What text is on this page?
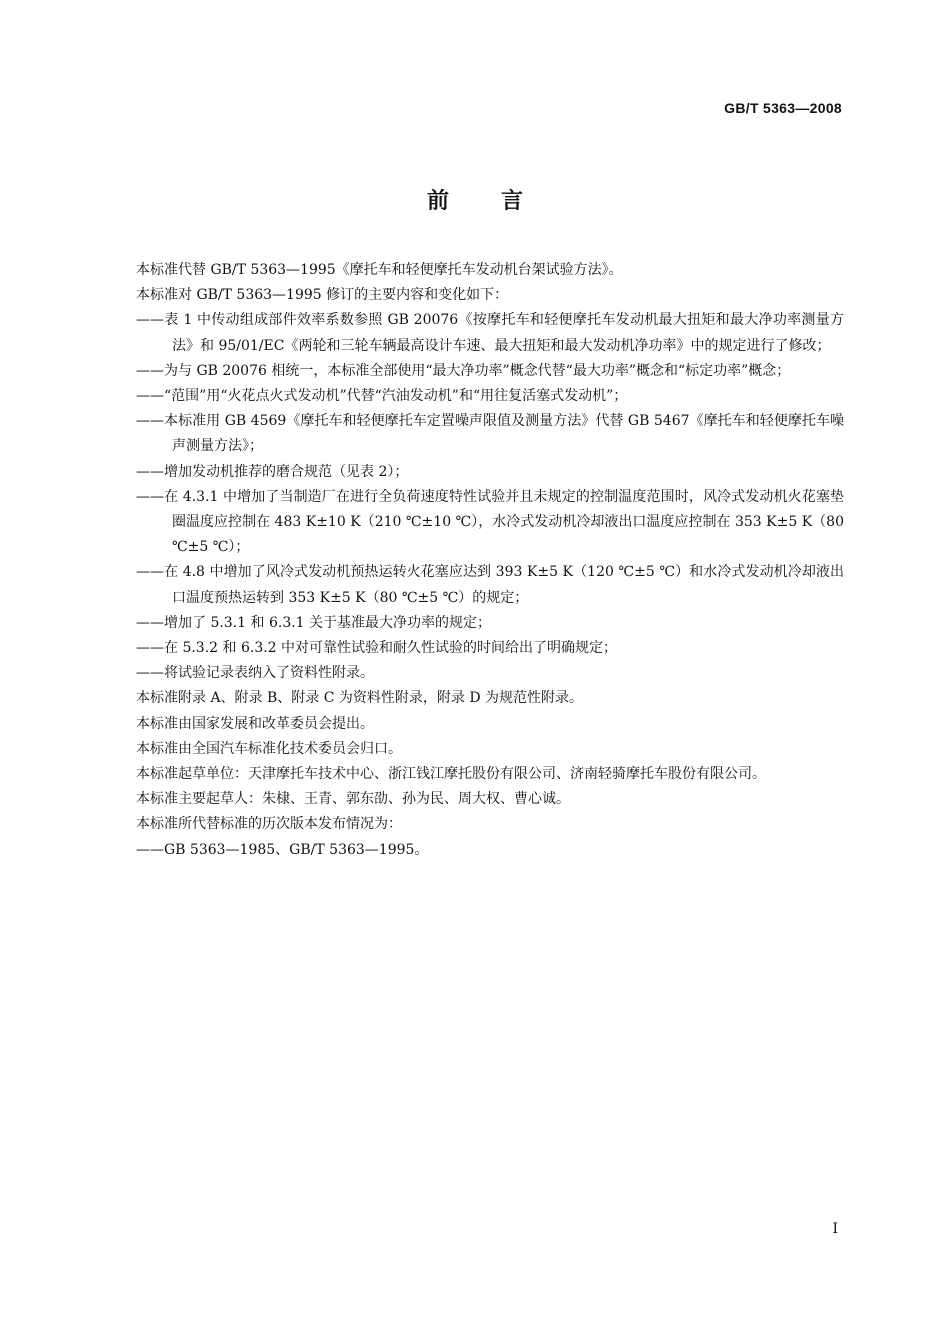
GB/T 5363—2008
前言

本标准代替 GB/T 5363—1995《摩托车和轻便摩托车发动机台架试验方法》。

本标准对 GB/T 5363—1995 修订的主要内容和变化如下：

——表 1 中传动组成部件效率系数参照 GB 20076《按摩托车和轻便摩托车发动机最大扭矩和最大净功率测量方法》和 95/01/EC《两轮和三轮车辆最高设计车速、最大扭矩和最大发动机净功率》中的规定进行了修改；

——为与 GB 20076 相统一，本标准全部使用“最大净功率”概念代替“最大功率”概念和“标定功率”概念；

——“范围”用“火花点火式发动机”代替“汽油发动机”和“用往复活塞式发动机”；

——本标准用 GB 4569《摩托车和轻便摩托车定置噪声限值及测量方法》代替 GB 5467《摩托车和轻便摩托车噪声测量方法》；

——增加发动机推荐的磨合规范（见表 2）；

——在 4.3.1 中增加了当制造厂在进行全负荷速度特性试验并且未规定的控制温度范围时，风冷式发动机火花塞垫圈温度应控制在 483 K±10 K（210 ℃±10 ℃），水冷式发动机冷却液出口温度应控制在 353 K±5 K（80 ℃±5 ℃）；

——在 4.8 中增加了风冷式发动机预热运转火花塞应达到 393 K±5 K（120 ℃±5 ℃）和水冷式发动机冷却液出口温度预热运转到 353 K±5 K（80 ℃±5 ℃）的规定；

——增加了 5.3.1 和 6.3.1 关于基准最大净功率的规定；

——在 5.3.2 和 6.3.2 中对可靠性试验和耐久性试验的时间给出了明确规定；

——将试验记录表纳入了资料性附录。

本标准附录 A、附录 B、附录 C 为资料性附录，附录 D 为规范性附录。

本标准由国家发展和改革委员会提出。

本标准由全国汽车标准化技术委员会归口。

本标准起草单位：天津摩托车技术中心、浙江钱江摩托股份有限公司、济南轻骑摩托车股份有限公司。

本标准主要起草人：朱棣、王青、郭东劭、孙为民、周大权、曹心诚。

本标准所代替标准的历次版本发布情况为：

——GB 5363—1985、GB/T 5363—1995。

Ⅰ
